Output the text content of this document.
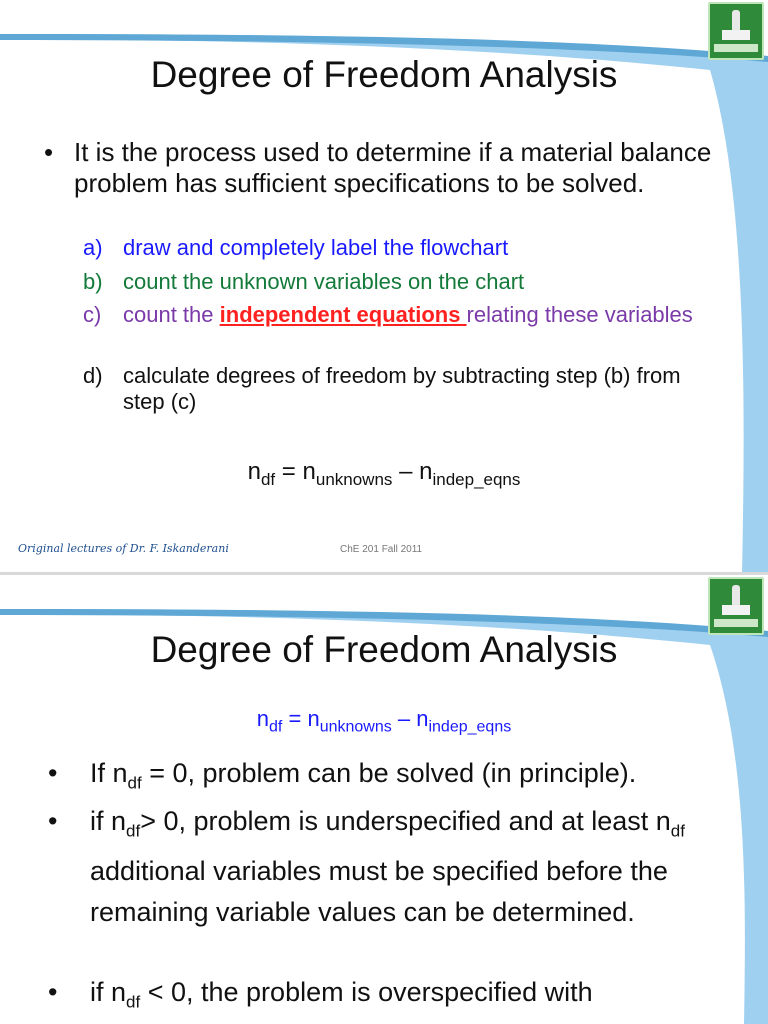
Degree of Freedom Analysis
• It is the process used to determine if a material balance problem has sufficient specifications to be solved.
a) draw and completely label the flowchart
b) count the unknown variables on the chart
c) count the independent equations relating these variables
d) calculate degrees of freedom by subtracting step (b) from step (c)
$n_{df} = n_{unknowns} - n_{indep\_eqns}$
Original lectures of Dr. F. Iskanderani	ChE 201 Fall 2011
Degree of Freedom Analysis
$n_{df} = n_{unknowns} - n_{indep\_eqns}$
• If $n_{df} = 0$, problem can be solved (in principle).
• if $n_{df}> 0$, problem is underspecified and at least $n_{df}$ additional variables must be specified before the remaining variable values can be determined.
• if $n_{df} < 0$, the problem is overspecified with
